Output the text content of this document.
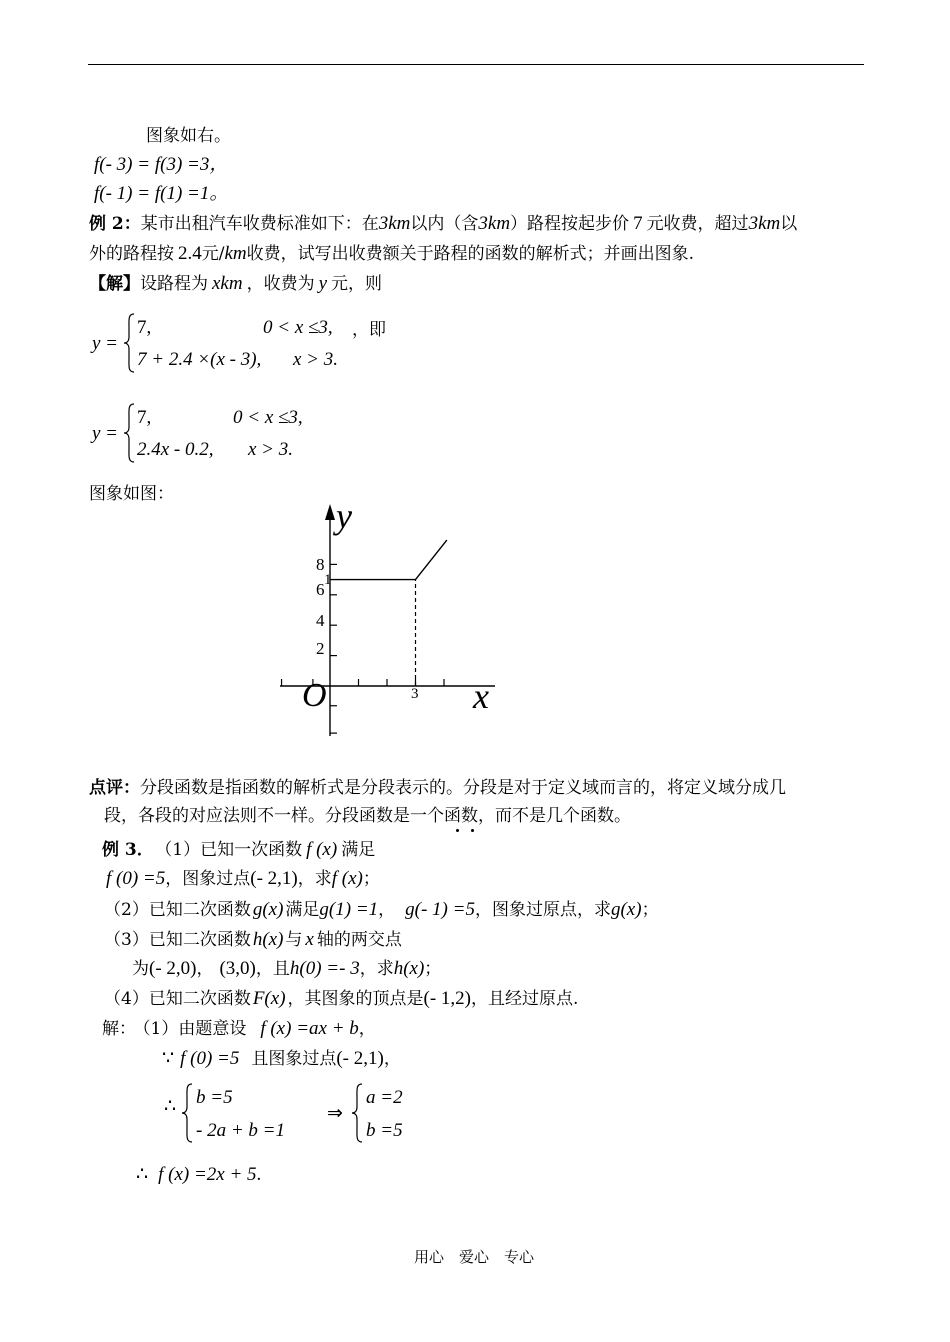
图象如右。
f(- 3) = f(3) =3，
f(- 1) = f(1) =1。
例 2：某市出租汽车收费标准如下：在3km以内（含3km）路程按起步价 7 元收费，超过3km以
外的路程按 2.4元/km收费，试写出收费额关于路程的函数的解析式；并画出图象.
【解】设路程为 xkm ，收费为 y 元，则
y =
7,	0 < x ≤3, ，即
7 + 2.4 ×(x - 3), x > 3.
y =
7,	0 < x ≤3,
2.4x - 0.2, x > 3.
图象如图：
y
x
O
8
1
6
4
2
3
点评：分段函数是指函数的解析式是分段表示的。分段是对于定义域而言的，将定义域分成几
段，各段的对应法则不一样。分段函数是一个函数，而不是几个函数。
例 3． （1）已知一次函数 f (x) 满足
f (0) =5，图象过点(- 2,1)，求f (x)；
（2）已知二次函数 g(x) 满足g(1) =1， g(- 1) =5，图象过原点，求g(x)；
（3）已知二次函数 h(x) 与 x 轴的两交点
为(- 2,0)， (3,0)，且h(0) =- 3，求h(x)；
（4）已知二次函数 F(x) ，其图象的顶点是(- 1,2)，且经过原点.
解： （1）由题意设 f (x) =ax + b，
∵ f (0) =5 且图象过点(- 2,1)，
∴ b =5
- 2a + b =1
⇒
a =2
b =5
∴ f (x) =2x + 5.
用心　爱心　专心
